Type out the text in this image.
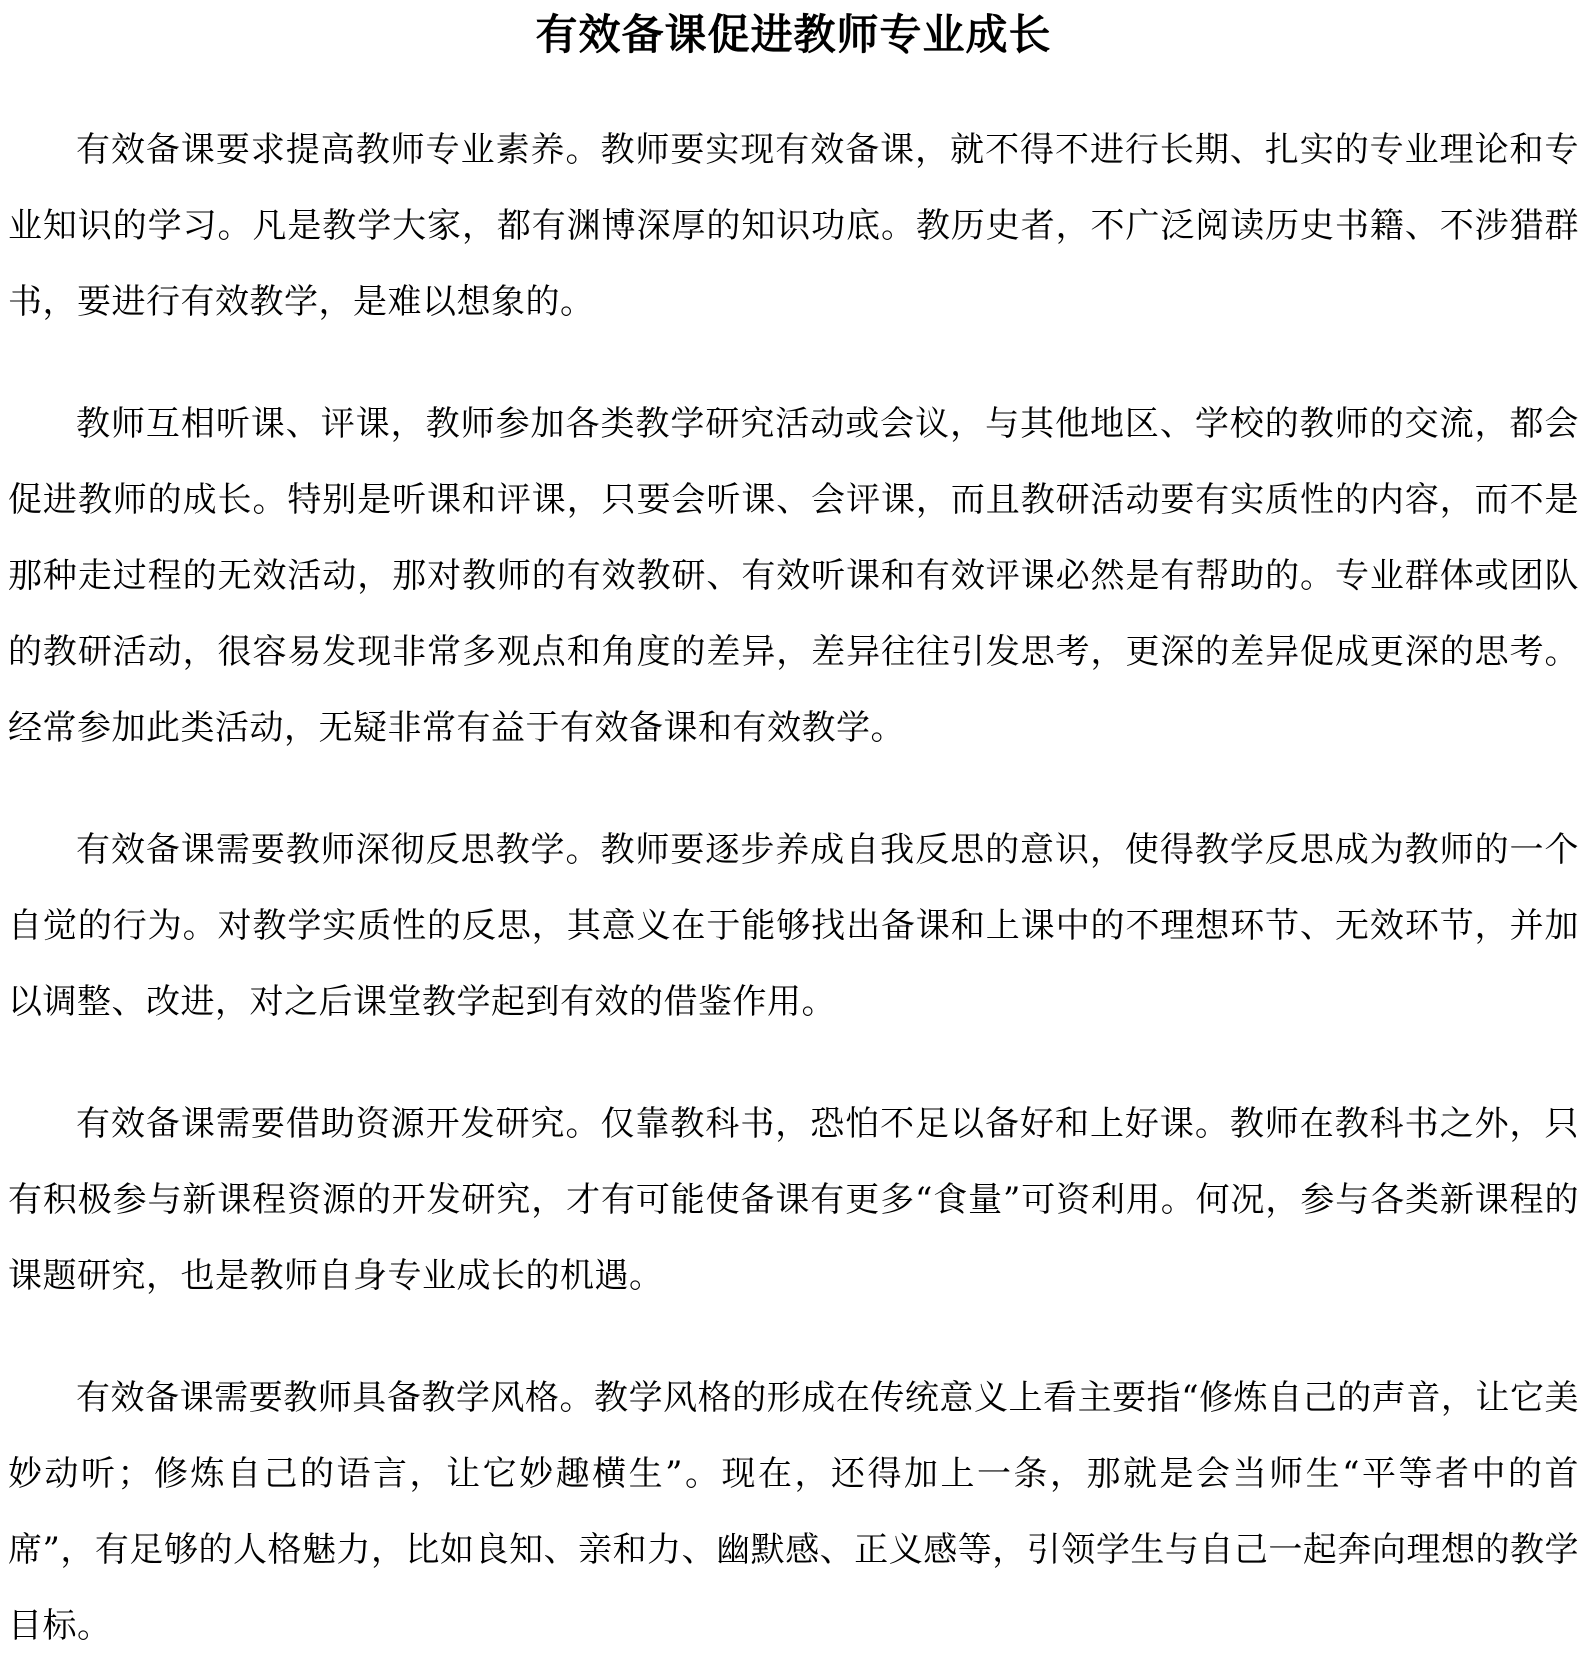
有效备课促进教师专业成长

有效备课要求提高教师专业素养。教师要实现有效备课，就不得不进行长期、扎实的专业理论和专业知识的学习。凡是教学大家，都有渊博深厚的知识功底。教历史者，不广泛阅读历史书籍、不涉猎群书，要进行有效教学，是难以想象的。

教师互相听课、评课，教师参加各类教学研究活动或会议，与其他地区、学校的教师的交流，都会促进教师的成长。特别是听课和评课，只要会听课、会评课，而且教研活动要有实质性的内容，而不是那种走过程的无效活动，那对教师的有效教研、有效听课和有效评课必然是有帮助的。专业群体或团队的教研活动，很容易发现非常多观点和角度的差异，差异往往引发思考，更深的差异促成更深的思考。经常参加此类活动，无疑非常有益于有效备课和有效教学。

有效备课需要教师深彻反思教学。教师要逐步养成自我反思的意识，使得教学反思成为教师的一个自觉的行为。对教学实质性的反思，其意义在于能够找出备课和上课中的不理想环节、无效环节，并加以调整、改进，对之后课堂教学起到有效的借鉴作用。

有效备课需要借助资源开发研究。仅靠教科书，恐怕不足以备好和上好课。教师在教科书之外，只有积极参与新课程资源的开发研究，才有可能使备课有更多“食量”可资利用。何况，参与各类新课程的课题研究，也是教师自身专业成长的机遇。

有效备课需要教师具备教学风格。教学风格的形成在传统意义上看主要指“修炼自己的声音，让它美妙动听；修炼自己的语言，让它妙趣横生”。现在，还得加上一条，那就是会当师生“平等者中的首席”，有足够的人格魅力，比如良知、亲和力、幽默感、正义感等，引领学生与自己一起奔向理想的教学目标。
